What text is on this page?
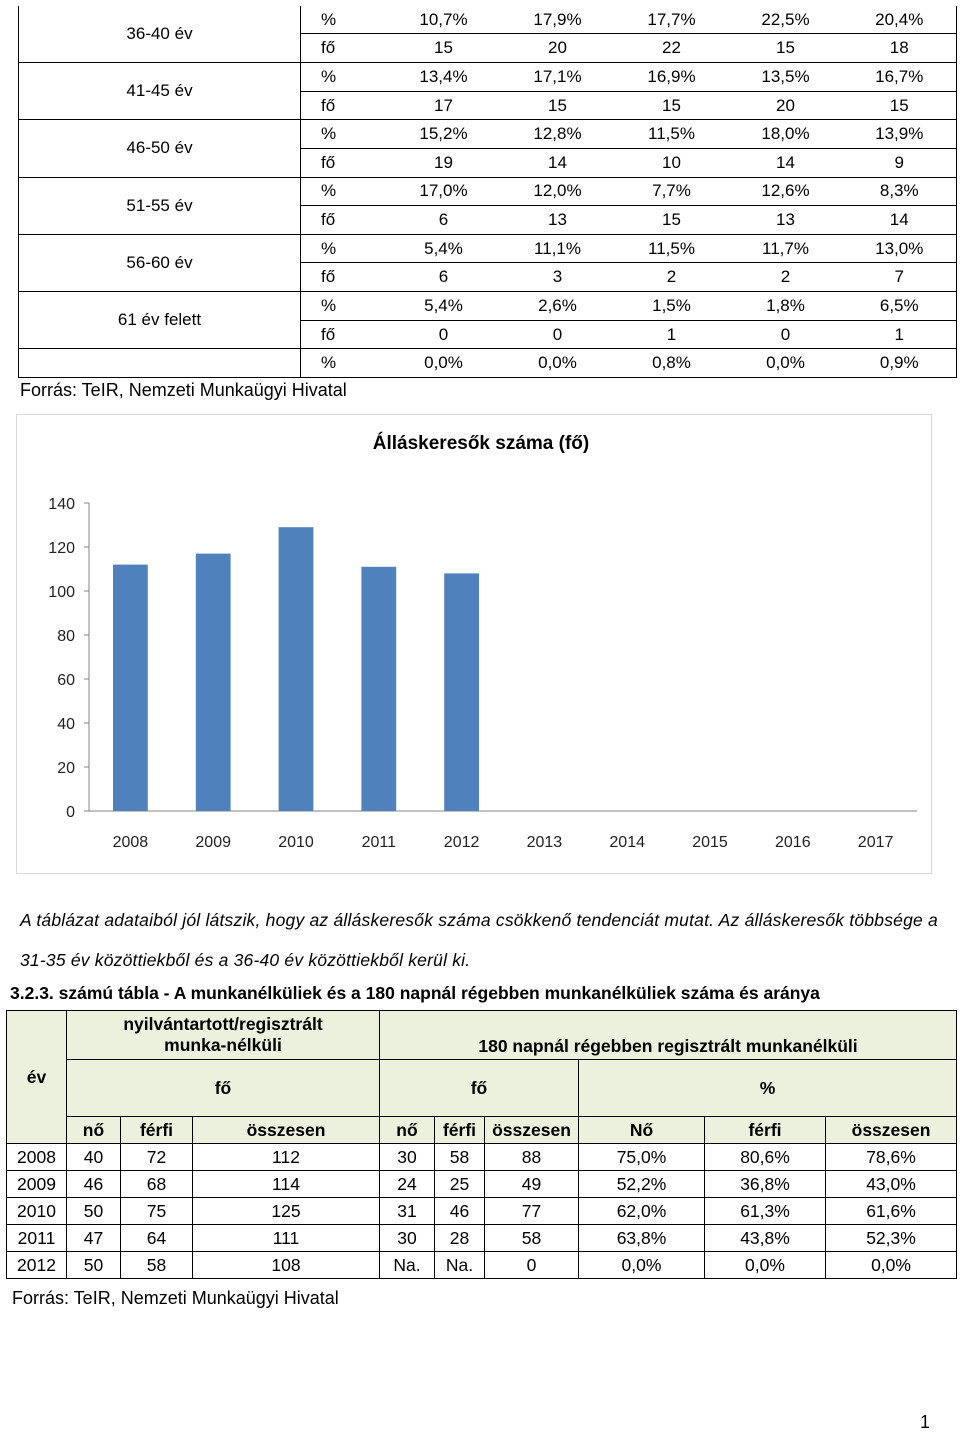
36-40 év	%	10,7%	17,9%	17,7%	22,5%	20,4%
	fő	15	20	22	15	18
41-45 év	%	13,4%	17,1%	16,9%	13,5%	16,7%
	fő	17	15	15	20	15
46-50 év	%	15,2%	12,8%	11,5%	18,0%	13,9%
	fő	19	14	10	14	9
51-55 év	%	17,0%	12,0%	7,7%	12,6%	8,3%
	fő	6	13	15	13	14
56-60 év	%	5,4%	11,1%	11,5%	11,7%	13,0%
	fő	6	3	2	2	7
61 év felett	%	5,4%	2,6%	1,5%	1,8%	6,5%
	fő	0	0	1	0	1
	%	0,0%	0,0%	0,8%	0,0%	0,9%
Forrás: TeIR, Nemzeti Munkaügyi Hivatal
Álláskeresők száma (fő)
0
20
40
60
80
100
120
140
2008	2009	2010	2011	2012	2013	2014	2015	2016	2017
A táblázat adataiból jól látszik, hogy az álláskeresők száma csökkenő tendenciát mutat. Az álláskeresők többsége a 31-35 év közöttiekből és a 36-40 év közöttiekből kerül ki.
3.2.3. számú tábla - A munkanélküliek és a 180 napnál régebben munkanélküliek száma és aránya
év	nyilvántartott/regisztrált munka-nélküli			180 napnál régebben regisztrált munkanélküli					
	fő			fő			%		
	nő	férfi	összesen	nő	férfi	összesen	Nő	férfi	összesen
2008	40	72	112	30	58	88	75,0%	80,6%	78,6%
2009	46	68	114	24	25	49	52,2%	36,8%	43,0%
2010	50	75	125	31	46	77	62,0%	61,3%	61,6%
2011	47	64	111	30	28	58	63,8%	43,8%	52,3%
2012	50	58	108	Na.	Na.	0	0,0%	0,0%	0,0%
Forrás: TeIR, Nemzeti Munkaügyi Hivatal
1
